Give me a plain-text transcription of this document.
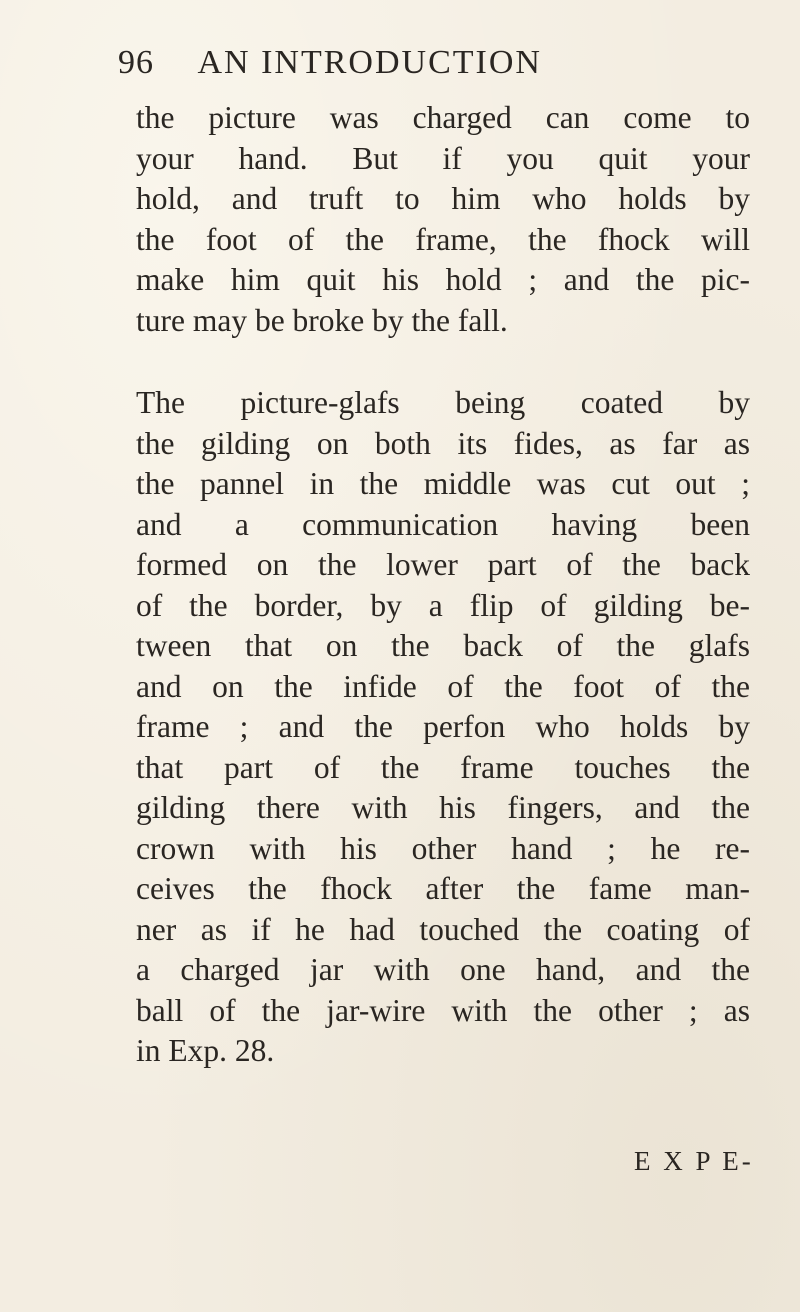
96 AN INTRODUCTION
the picture was charged can come to
your hand. But if you quit your
hold, and truft to him who holds by
the foot of the frame, the fhock will
make him quit his hold ; and the pic-
ture may be broke by the fall.
The picture-glafs being coated by
the gilding on both its fides, as far as
the pannel in the middle was cut out ;
and a communication having been
formed on the lower part of the back
of the border, by a flip of gilding be-
tween that on the back of the glafs
and on the infide of the foot of the
frame ; and the perfon who holds by
that part of the frame touches the
gilding there with his fingers, and the
crown with his other hand ; he re-
ceives the fhock after the fame man-
ner as if he had touched the coating of
a charged jar with one hand, and the
ball of the jar-wire with the other ; as
in Exp. 28.
E X P E-
